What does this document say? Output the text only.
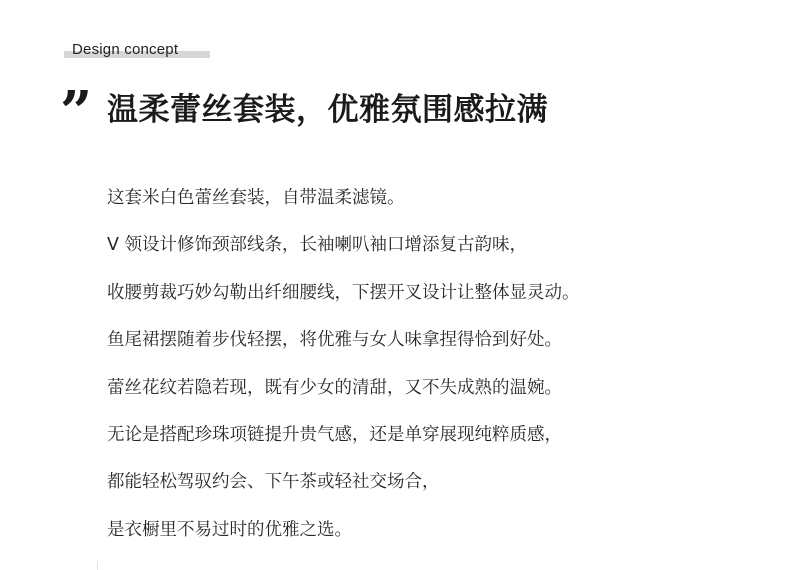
Design concept
” 温柔蕾丝套装，优雅氛围感拉满
这套米白色蕾丝套装，自带温柔滤镜。
V 领设计修饰颈部线条，长袖喇叭袖口增添复古韵味，
收腰剪裁巧妙勾勒出纤细腰线，下摆开叉设计让整体显灵动。
鱼尾裙摆随着步伐轻摆，将优雅与女人味拿捏得恰到好处。
蕾丝花纹若隐若现，既有少女的清甜，又不失成熟的温婉。
无论是搭配珍珠项链提升贵气感，还是单穿展现纯粹质感，
都能轻松驾驭约会、下午茶或轻社交场合，
是衣橱里不易过时的优雅之选。
